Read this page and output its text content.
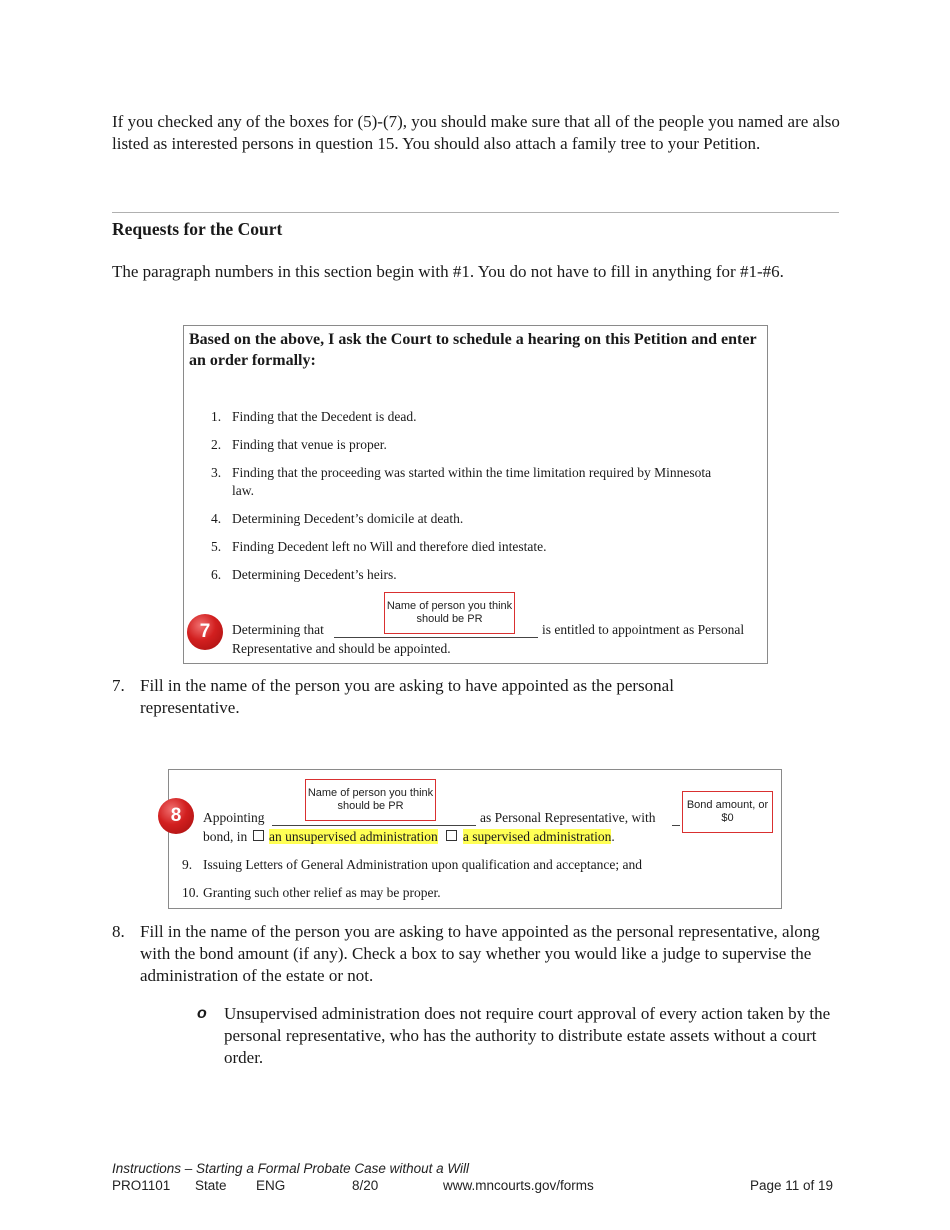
If you checked any of the boxes for (5)-(7), you should make sure that all of the people you named are also listed as interested persons in question 15. You should also attach a family tree to your Petition.
Requests for the Court
The paragraph numbers in this section begin with #1. You do not have to fill in anything for #1-#6.
Based on the above, I ask the Court to schedule a hearing on this Petition and enter an order formally:
1. Finding that the Decedent is dead.
2. Finding that venue is proper.
3. Finding that the proceeding was started within the time limitation required by Minnesota
law.
4. Determining Decedent’s domicile at death.
5. Finding Decedent left no Will and therefore died intestate.
6. Determining Decedent’s heirs.
Determining that	is entitled to appointment as Personal
Representative and should be appointed.
Name of person you think should be PR
7
7. Fill in the name of the person you are asking to have appointed as the personal representative.
Appointing	as Personal Representative, with
bond, in an unsupervised administration a supervised administration.
9. Issuing Letters of General Administration upon qualification and acceptance; and
10. Granting such other relief as may be proper.
Name of person you think should be PR	Bond amount, or $0
8
8. Fill in the name of the person you are asking to have appointed as the personal representative, along with the bond amount (if any). Check a box to say whether you would like a judge to supervise the administration of the estate or not.
o Unsupervised administration does not require court approval of every action taken by the personal representative, who has the authority to distribute estate assets without a court order.
Instructions – Starting a Formal Probate Case without a Will
PRO1101 State ENG	8/20	www.mncourts.gov/forms	Page 11 of 19
